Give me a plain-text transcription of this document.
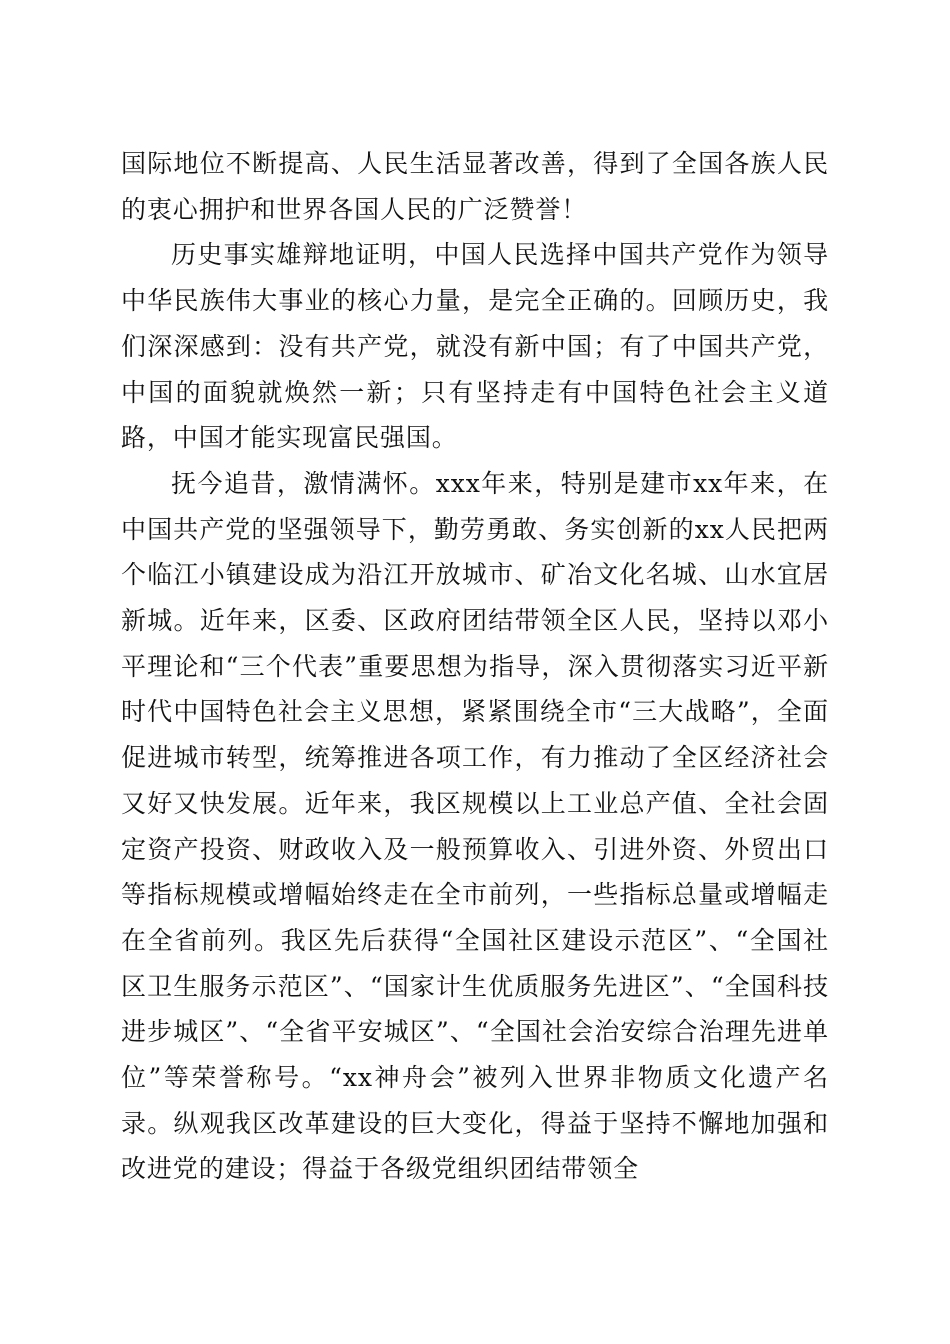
国际地位不断提高、人民生活显著改善，得到了全国各族人民的衷心拥护和世界各国人民的广泛赞誉！

历史事实雄辩地证明，中国人民选择中国共产党作为领导中华民族伟大事业的核心力量，是完全正确的。回顾历史，我们深深感到：没有共产党，就没有新中国；有了中国共产党，中国的面貌就焕然一新；只有坚持走有中国特色社会主义道路，中国才能实现富民强国。

抚今追昔，激情满怀。xxx年来，特别是建市xx年来，在中国共产党的坚强领导下，勤劳勇敢、务实创新的xx人民把两个临江小镇建设成为沿江开放城市、矿冶文化名城、山水宜居新城。近年来，区委、区政府团结带领全区人民，坚持以邓小平理论和“三个代表”重要思想为指导，深入贯彻落实习近平新时代中国特色社会主义思想，紧紧围绕全市“三大战略”，全面促进城市转型，统筹推进各项工作，有力推动了全区经济社会又好又快发展。近年来，我区规模以上工业总产值、全社会固定资产投资、财政收入及一般预算收入、引进外资、外贸出口等指标规模或增幅始终走在全市前列，一些指标总量或增幅走在全省前列。我区先后获得“全国社区建设示范区”、“全国社区卫生服务示范区”、“国家计生优质服务先进区”、“全国科技进步城区”、“全省平安城区”、“全国社会治安综合治理先进单位”等荣誉称号。“xx神舟会”被列入世界非物质文化遗产名录。纵观我区改革建设的巨大变化，得益于坚持不懈地加强和改进党的建设；得益于各级党组织团结带领全
